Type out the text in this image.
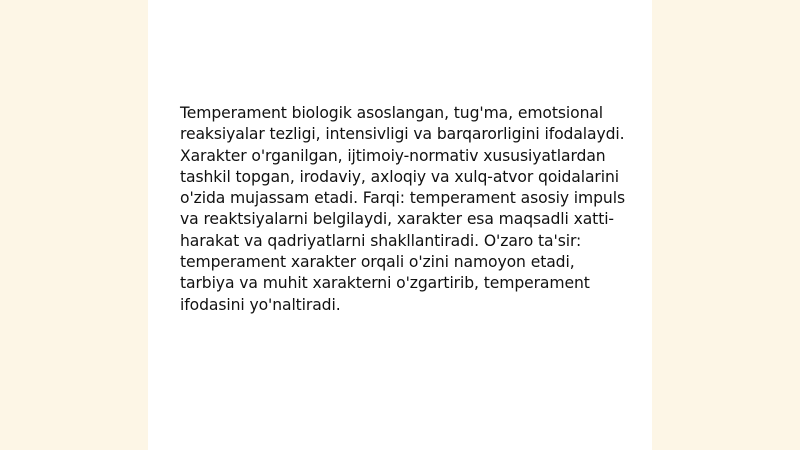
Temperament biologik asoslangan, tug'ma, emotsional reaksiyalar tezligi, intensivligi va barqarorligini ifodalaydi. Xarakter o'rganilgan, ijtimoiy-normativ xususiyatlardan tashkil topgan, irodaviy, axloqiy va xulq-atvor qoidalarini o'zida mujassam etadi. Farqi: temperament asosiy impuls va reaktsiyalarni belgilaydi, xarakter esa maqsadli xatti-harakat va qadriyatlarni shakllantiradi. O'zaro ta'sir: temperament xarakter orqali o'zini namoyon etadi, tarbiya va muhit xarakterni o'zgartirib, temperament ifodasini yo'naltiradi.
